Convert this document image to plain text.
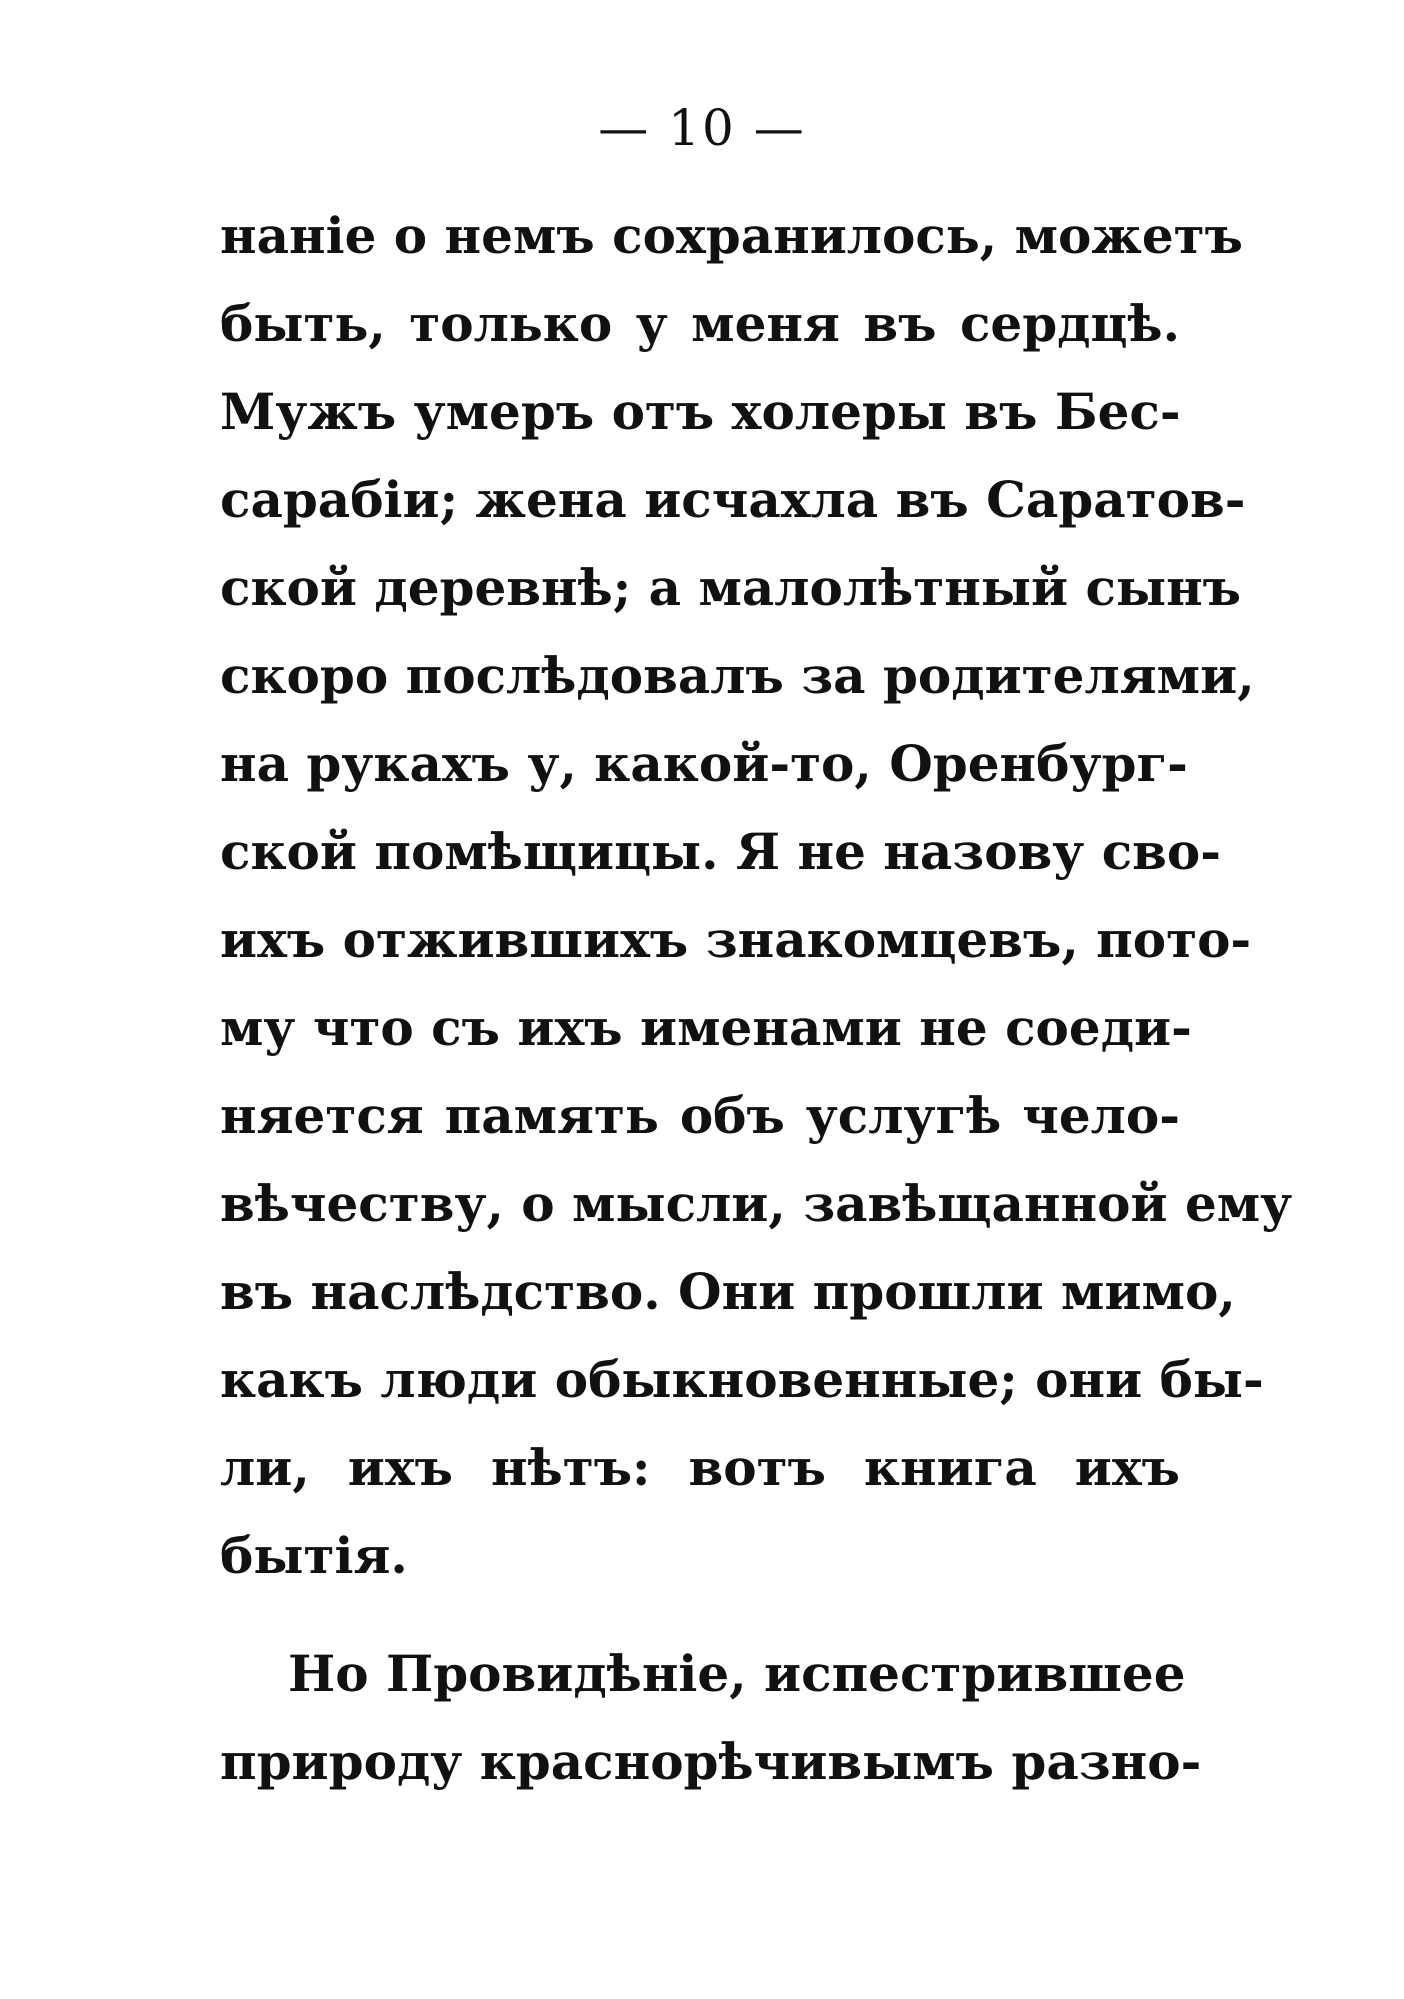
— 10 —

наніе о немъ сохранилось, можетъ
быть, только у меня въ сердцѣ.
Мужъ умеръ отъ холеры въ Бес-
сарабіи; жена исчахла въ Саратов-
ской деревнѣ; а малолѣтный сынъ
скоро послѣдовалъ за родителями,
на рукахъ у, какой-то, Оренбург-
ской помѣщицы. Я не назову сво-
ихъ отжившихъ знакомцевъ, пото-
му что съ ихъ именами не соеди-
няется память объ услугѣ чело-
вѣчеству, о мысли, завѣщанной ему
въ наслѣдство. Они прошли мимо,
какъ люди обыкновенные; они бы-
ли, ихъ нѣтъ: вотъ книга ихъ
бытія.
Но Провидѣніе, испестрившее
природу краснорѣчивымъ разно-
